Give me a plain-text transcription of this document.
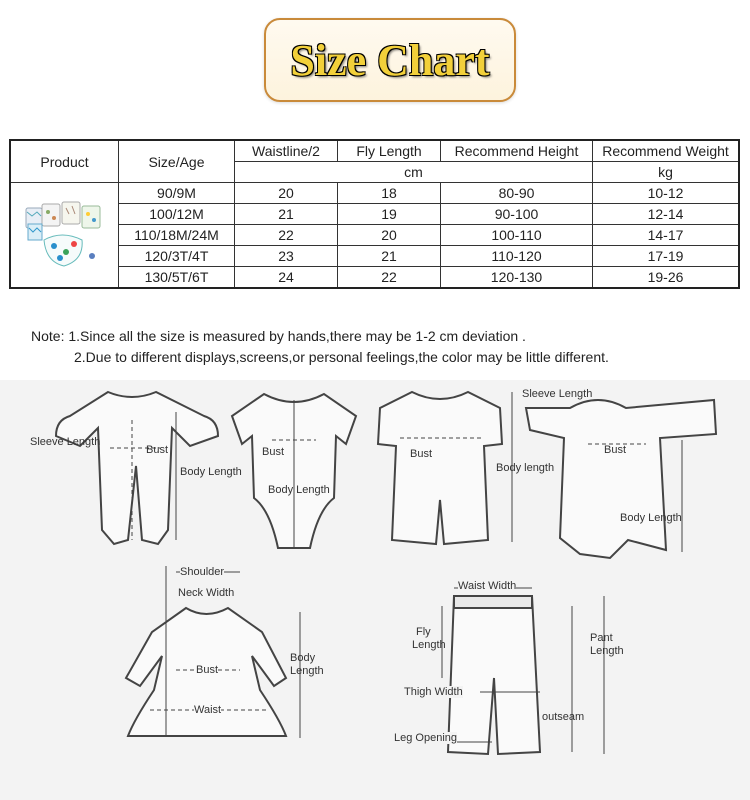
Size Chart
Product	Size/Age	Waistline/2	Fly Length	Recommend Height	Recommend Weight
		cm			kg

	90/9M	20	18	80-90	10-12
	100/12M	21	19	90-100	12-14
	110/18M/24M	22	20	100-110	14-17
	120/3T/4T	23	21	110-120	17-19
	130/5T/6T	24	22	120-130	19-26
Note: 1.Since all the size is measured by hands,there may be 1-2 cm deviation .
2.Due to different displays,screens,or personal feelings,the color may be little different.
Sleeve Length
Bust
Body Length
Bust
Body Length
Bust
Body length
Sleeve Length
Bust
Body Length
Shoulder
Neck Width
Bust
Waist
Body
Length
Waist Width
Fly
Length
Pant
Length
Thigh Width
outseam
Leg Opening
